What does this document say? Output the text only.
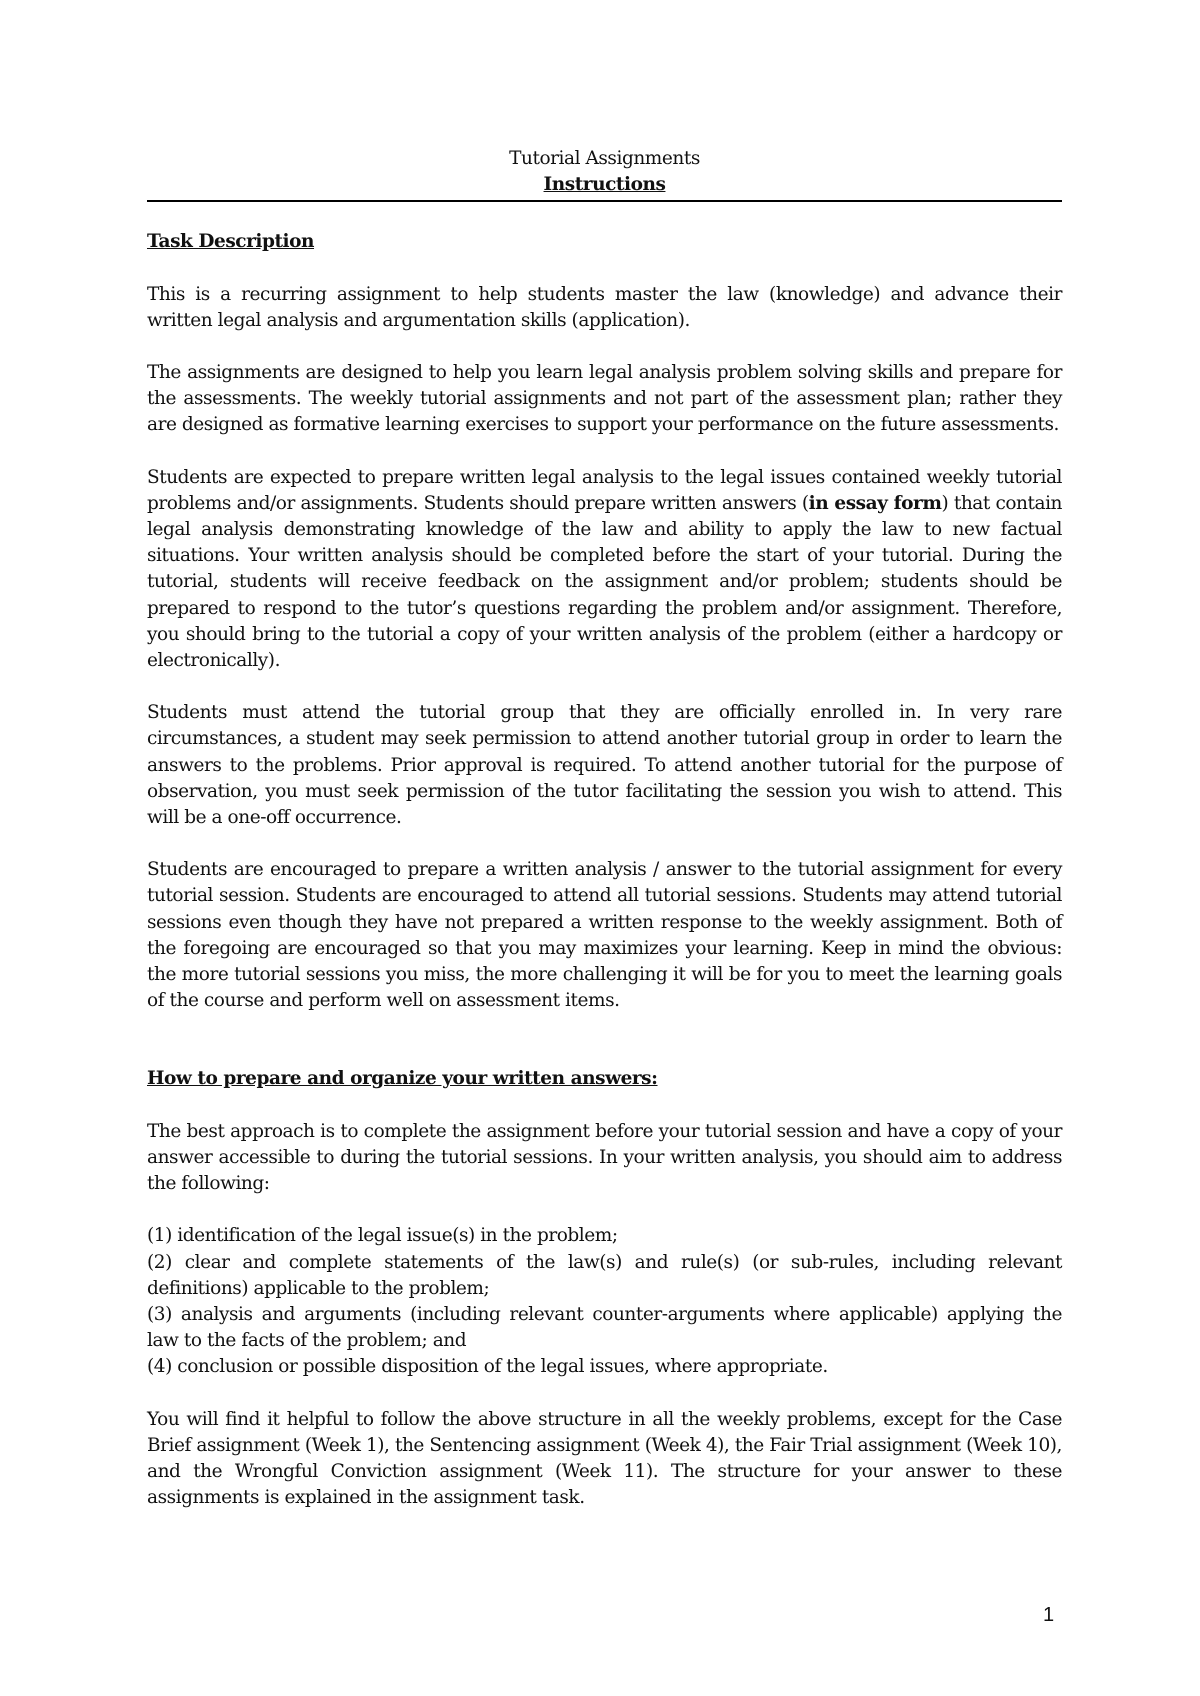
Tutorial Assignments

Instructions

Task Description

This is a recurring assignment to help students master the law (knowledge) and advance their written legal analysis and argumentation skills (application).

The assignments are designed to help you learn legal analysis problem solving skills and prepare for the assessments. The weekly tutorial assignments and not part of the assessment plan; rather they are designed as formative learning exercises to support your performance on the future assessments.

Students are expected to prepare written legal analysis to the legal issues contained weekly tutorial problems and/or assignments. Students should prepare written answers (in essay form) that contain legal analysis demonstrating knowledge of the law and ability to apply the law to new factual situations. Your written analysis should be completed before the start of your tutorial. During the tutorial, students will receive feedback on the assignment and/or problem; students should be prepared to respond to the tutor’s questions regarding the problem and/or assignment. Therefore, you should bring to the tutorial a copy of your written analysis of the problem (either a hardcopy or electronically).

Students must attend the tutorial group that they are officially enrolled in. In very rare circumstances, a student may seek permission to attend another tutorial group in order to learn the answers to the problems. Prior approval is required. To attend another tutorial for the purpose of observation, you must seek permission of the tutor facilitating the session you wish to attend. This will be a one-off occurrence.

Students are encouraged to prepare a written analysis / answer to the tutorial assignment for every tutorial session. Students are encouraged to attend all tutorial sessions. Students may attend tutorial sessions even though they have not prepared a written response to the weekly assignment. Both of the foregoing are encouraged so that you may maximizes your learning. Keep in mind the obvious: the more tutorial sessions you miss, the more challenging it will be for you to meet the learning goals of the course and perform well on assessment items.

How to prepare and organize your written answers:

The best approach is to complete the assignment before your tutorial session and have a copy of your answer accessible to during the tutorial sessions. In your written analysis, you should aim to address the following:

(1) identification of the legal issue(s) in the problem;

(2) clear and complete statements of the law(s) and rule(s) (or sub-rules, including relevant definitions) applicable to the problem;

(3) analysis and arguments (including relevant counter-arguments where applicable) applying the law to the facts of the problem; and

(4) conclusion or possible disposition of the legal issues, where appropriate.

You will find it helpful to follow the above structure in all the weekly problems, except for the Case Brief assignment (Week 1), the Sentencing assignment (Week 4), the Fair Trial assignment (Week 10), and the Wrongful Conviction assignment (Week 11). The structure for your answer to these assignments is explained in the assignment task.

1
